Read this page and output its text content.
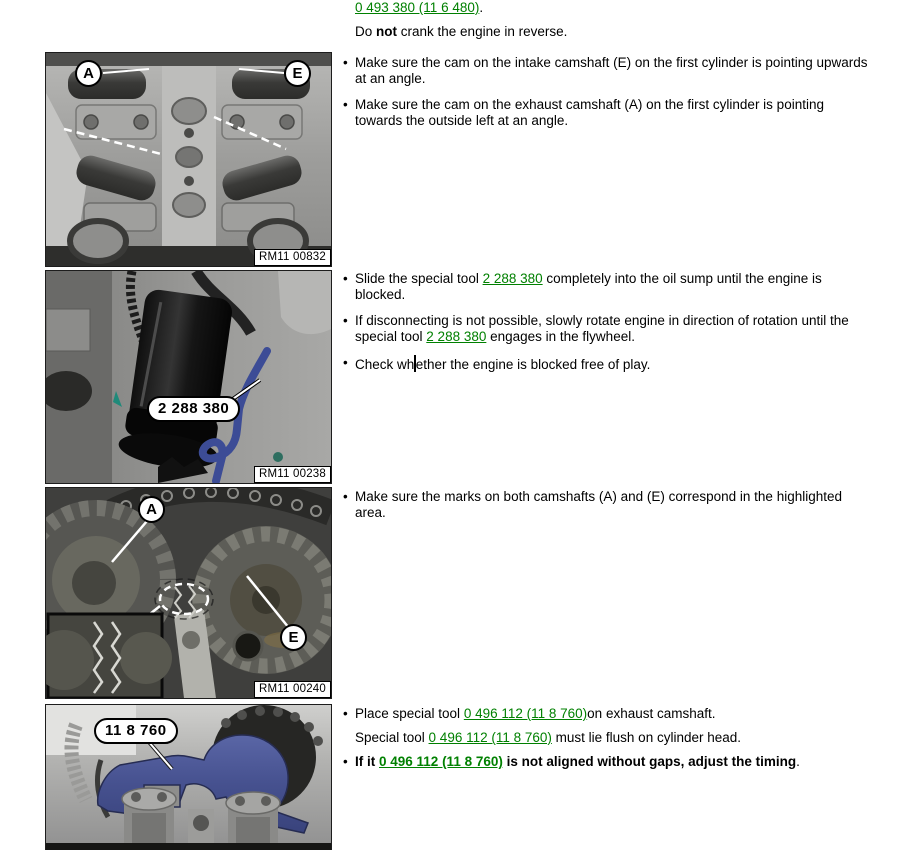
A	E
RM11 00832
2 288 380
RM11 00238
A
E
RM11 00240
11 8 760
0 493 380 (11 6 480).
Do not crank the engine in reverse.
• Make sure the cam on the intake camshaft (E) on the first cylinder is pointing upwards at an angle.
• Make sure the cam on the exhaust camshaft (A) on the first cylinder is pointing towards the outside left at an angle.
• Slide the special tool 2 288 380 completely into the oil sump until the engine is blocked.
• If disconnecting is not possible, slowly rotate engine in direction of rotation until the special tool 2 288 380 engages in the flywheel.
• Check wh ether the engine is blocked free of play.
• Make sure the marks on both camshafts (A) and (E) correspond in the highlighted area.
• Place special tool 0 496 112 (11 8 760)on exhaust camshaft.
Special tool 0 496 112 (11 8 760) must lie flush on cylinder head.
• If it 0 496 112 (11 8 760) is not aligned without gaps, adjust the timing.
